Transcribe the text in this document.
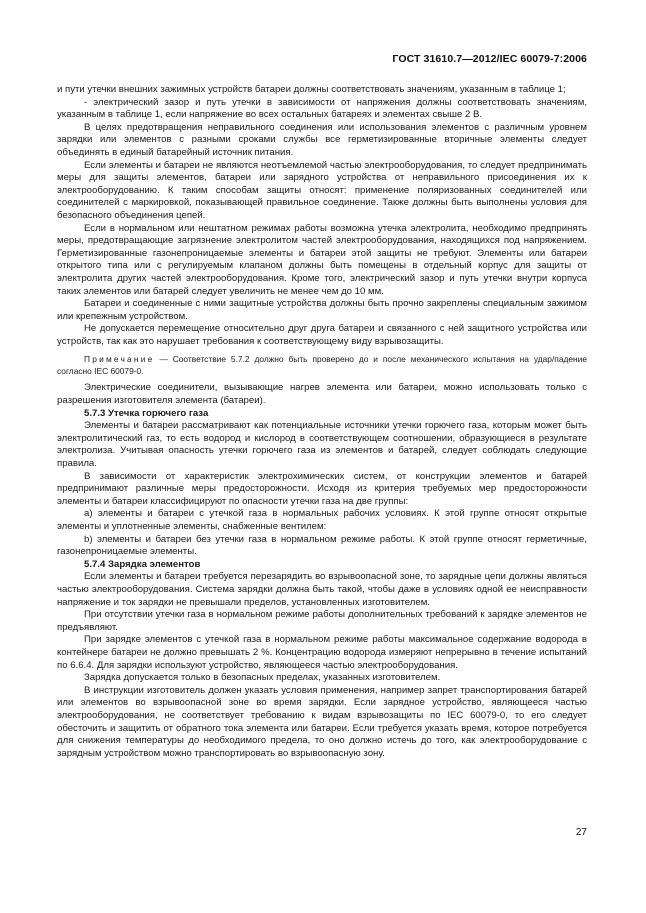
ГОСТ 31610.7—2012/IEC 60079-7:2006

и пути утечки внешних зажимных устройств батареи должны соответствовать значениям, указанным в таблице 1;

- электрический зазор и путь утечки в зависимости от напряжения должны соответствовать значениям, указанным в таблице 1, если напряжение во всех остальных батареях и элементах свыше 2 В.

В целях предотвращения неправильного соединения или использования элементов с различным уровнем зарядки или элементов с разными сроками службы все герметизированные вторичные элементы следует объединять в единый батарейный источник питания.

Если элементы и батареи не являются неотъемлемой частью электрооборудования, то следует предпринимать меры для защиты элементов, батареи или зарядного устройства от неправильного присоединения их к электрооборудованию. К таким способам защиты относят: применение поляризованных соединителей или соединителей с маркировкой, показывающей правильное соединение. Также должны быть выполнены условия для безопасного объединения цепей.

Если в нормальном или нештатном режимах работы возможна утечка электролита, необходимо предпринять меры, предотвращающие загрязнение электролитом частей электрооборудования, находящихся под напряжением. Герметизированные газонепроницаемые элементы и батареи этой защиты не требуют. Элементы или батареи открытого типа или с регулируемым клапаном должны быть помещены в отдельный корпус для защиты от электролита других частей электрооборудования. Кроме того, электрический зазор и путь утечки внутри корпуса таких элементов или батарей следует увеличить не менее чем до 10 мм.

Батареи и соединенные с ними защитные устройства должны быть прочно закреплены специальным зажимом или крепежным устройством.

Не допускается перемещение относительно друг друга батареи и связанного с ней защитного устройства или устройств, так как это нарушает требования к соответствующему виду взрывозащиты.

Примечание — Соответствие 5.7.2 должно быть проверено до и после механического испытания на удар/падение согласно IEC 60079-0.

Электрические соединители, вызывающие нагрев элемента или батареи, можно использовать только с разрешения изготовителя элемента (батареи).

5.7.3 Утечка горючего газа

Элементы и батареи рассматривают как потенциальные источники утечки горючего газа, которым может быть электролитический газ, то есть водород и кислород в соответствующем соотношении, образующиеся в результате электролиза. Учитывая опасность утечки горючего газа из элементов и батарей, следует соблюдать следующие правила.

В зависимости от характеристик электрохимических систем, от конструкции элементов и батарей предпринимают различные меры предосторожности. Исходя из критерия требуемых мер предосторожности элементы и батареи классифицируют по опасности утечки газа на две группы:

a) элементы и батареи с утечкой газа в нормальных рабочих условиях. К этой группе относят открытые элементы и уплотненные элементы, снабженные вентилем:

b) элементы и батареи без утечки газа в нормальном режиме работы. К этой группе относят герметичные, газонепроницаемые элементы.

5.7.4 Зарядка элементов

Если элементы и батареи требуется перезарядить во взрывоопасной зоне, то зарядные цепи должны являться частью электрооборудования. Система зарядки должна быть такой, чтобы даже в условиях одной ее неисправности напряжение и ток зарядки не превышали пределов, установленных изготовителем.

При отсутствии утечки газа в нормальном режиме работы дополнительных требований к зарядке элементов не предъявляют.

При зарядке элементов с утечкой газа в нормальном режиме работы максимальное содержание водорода в контейнере батареи не должно превышать 2 %. Концентрацию водорода измеряют непрерывно в течение испытаний по 6.6.4. Для зарядки используют устройство, являющееся частью электрооборудования.

Зарядка допускается только в безопасных пределах, указанных изготовителем.

В инструкции изготовитель должен указать условия применения, например запрет транспортирования батарей или элементов во взрывоопасной зоне во время зарядки. Если зарядное устройство, являющееся частью электрооборудования, не соответствует требованию к видам взрывозащиты по IEC 60079-0, то его следует обесточить и защитить от обратного тока элемента или батареи. Если требуется указать время, которое потребуется для снижения температуры до необходимого предела, то оно должно истечь до того, как электрооборудование с зарядным устройством можно транспортировать во взрывоопасную зону.

27
